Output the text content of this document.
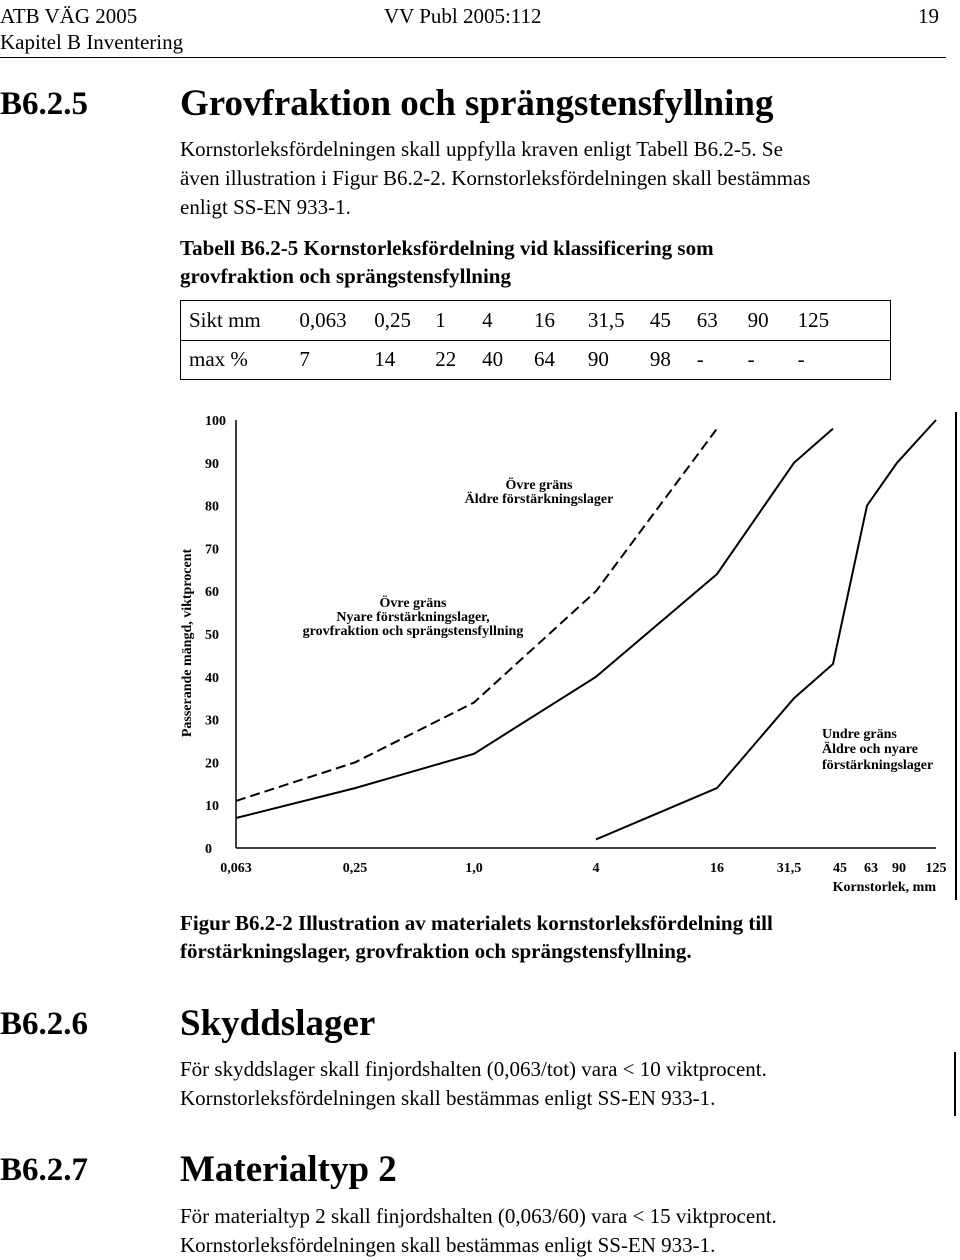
ATB VÄG 2005
Kapitel B Inventering
VV Publ 2005:112	19
B6.2.5 Grovfraktion och sprängstensfyllning
Kornstorleksfördelningen skall uppfylla kraven enligt Tabell B6.2-5. Se
även illustration i Figur B6.2-2. Kornstorleksfördelningen skall bestämmas
enligt SS-EN 933-1.
Tabell B6.2-5 Kornstorleksfördelning vid klassificering som
grovfraktion och sprängstensfyllning
Sikt mm	0,063	0,25	1	4	16	31,5	45	63	90	125
max %	7	14	22	40	64	90	98	-	-	-
0
10
20
30
40
50
60
70
80
90
100
0,063	0,25	1,0	4	16	31,5 45 63 90 125
Passerande mängd, viktprocent
Kornstorlek, mm
Övre gräns
Nyare förstärkningslager,
grovfraktion och sprängstensfyllning
Övre gräns
Äldre förstärkningslager
Undre gräns
Äldre och nyare
förstärkningslager
Figur B6.2-2 Illustration av materialets kornstorleksfördelning till
förstärkningslager, grovfraktion och sprängstensfyllning.
B6.2.6 Skyddslager
För skyddslager skall finjordshalten (0,063/tot) vara < 10 viktprocent.
Kornstorleksfördelningen skall bestämmas enligt SS-EN 933-1.
B6.2.7 Materialtyp 2
För materialtyp 2 skall finjordshalten (0,063/60) vara < 15 viktprocent.
Kornstorleksfördelningen skall bestämmas enligt SS-EN 933-1.
